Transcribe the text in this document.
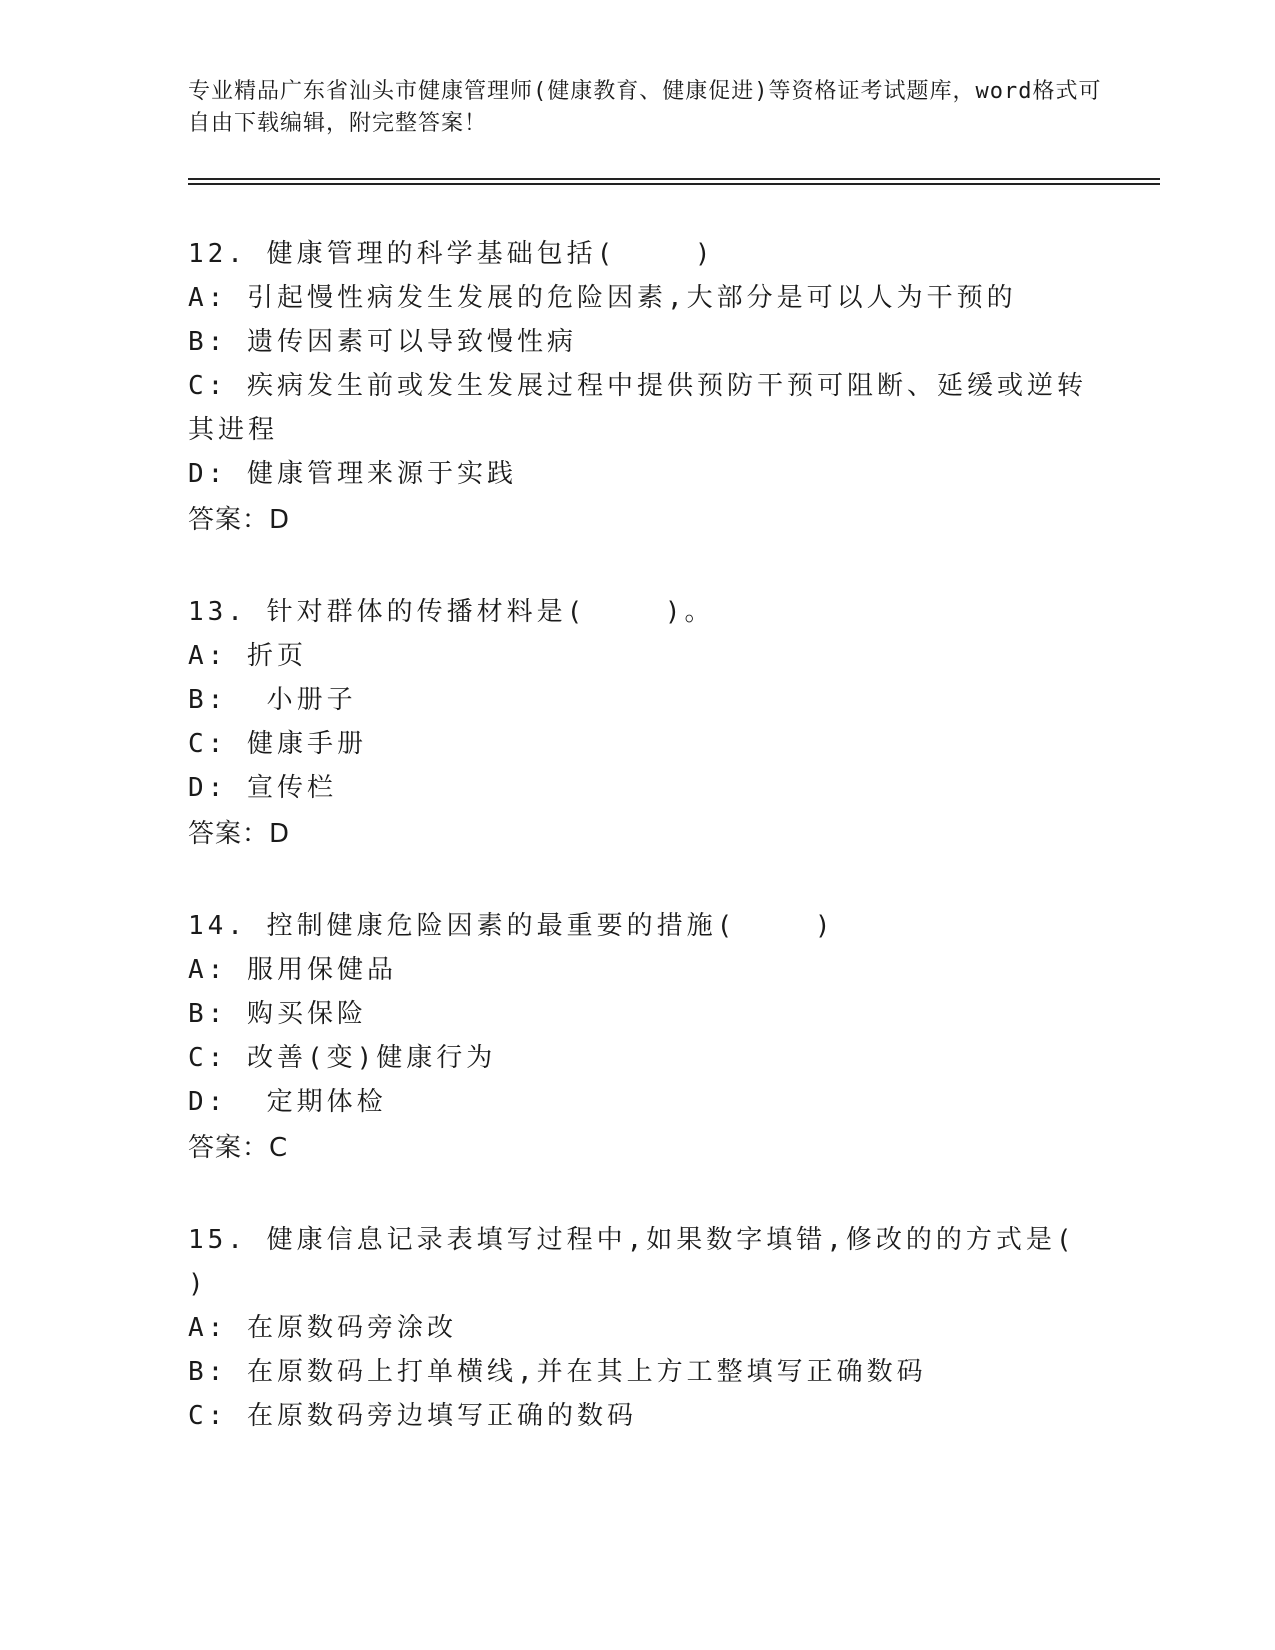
专业精品广东省汕头市健康管理师(健康教育、健康促进)等资格证考试题库，word格式可自由下载编辑，附完整答案！
12. 健康管理的科学基础包括(    )
A: 引起慢性病发生发展的危险因素,大部分是可以人为干预的
B: 遗传因素可以导致慢性病
C: 疾病发生前或发生发展过程中提供预防干预可阻断、延缓或逆转其进程
D: 健康管理来源于实践
答案：D
13. 针对群体的传播材料是(    )。
A: 折页
B:  小册子
C: 健康手册
D: 宣传栏
答案：D
14. 控制健康危险因素的最重要的措施(    )
A: 服用保健品
B: 购买保险
C: 改善(变)健康行为
D:  定期体检
答案：C
15. 健康信息记录表填写过程中,如果数字填错,修改的的方式是(    )
A: 在原数码旁涂改
B: 在原数码上打单横线,并在其上方工整填写正确数码
C: 在原数码旁边填写正确的数码
